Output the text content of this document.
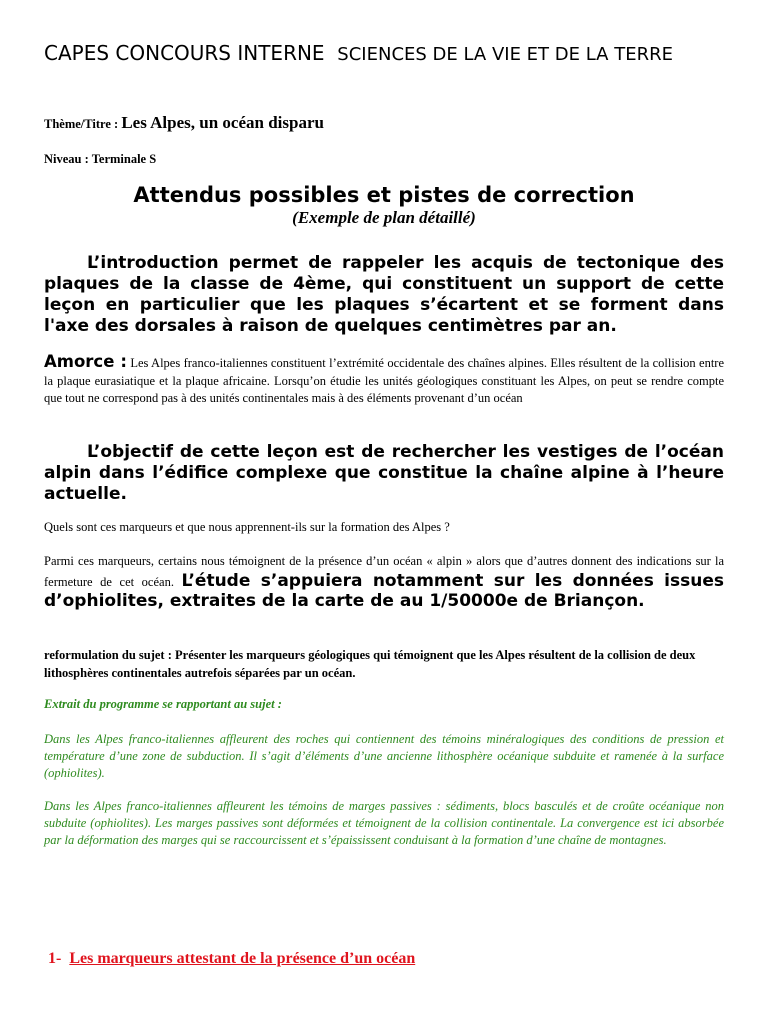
CAPES CONCOURS INTERNE SCIENCES DE LA VIE ET DE LA TERRE

Thème/Titre : Les Alpes, un océan disparu

Niveau : Terminale S

Attendus possibles et pistes de correction

(Exemple de plan détaillé)

L’introduction permet de rappeler les acquis de tectonique des plaques de la classe de 4ème, qui constituent un support de cette leçon en particulier que les plaques s’écartent et se forment dans l'axe des dorsales à raison de quelques centimètres par an.

Amorce : Les Alpes franco-italiennes constituent l’extrémité occidentale des chaînes alpines. Elles résultent de la collision entre la plaque eurasiatique et la plaque africaine. Lorsqu’on étudie les unités géologiques constituant les Alpes, on peut se rendre compte que tout ne correspond pas à des unités continentales mais à des éléments provenant d’un océan

L’objectif de cette leçon est de rechercher les vestiges de l’océan alpin dans l’édifice complexe que constitue la chaîne alpine à l’heure actuelle.

Quels sont ces marqueurs et que nous apprennent-ils sur la formation des Alpes ?

Parmi ces marqueurs, certains nous témoignent de la présence d’un océan « alpin » alors que d’autres donnent des indications sur la fermeture de cet océan. L’étude s’appuiera notamment sur les données issues d’ophiolites, extraites de la carte de au 1/50000e de Briançon.

reformulation du sujet : Présenter les marqueurs géologiques qui témoignent que les Alpes résultent de la collision de deux lithosphères continentales autrefois séparées par un océan.

Extrait du programme se rapportant au sujet :

Dans les Alpes franco-italiennes affleurent des roches qui contiennent des témoins minéralogiques des conditions de pression et température d’une zone de subduction. Il s’agit d’éléments d’une ancienne lithosphère océanique subduite et ramenée à la surface (ophiolites).

Dans les Alpes franco-italiennes affleurent les témoins de marges passives : sédiments, blocs basculés et de croûte océanique non subduite (ophiolites). Les marges passives sont déformées et témoignent de la collision continentale. La convergence est ici absorbée par la déformation des marges qui se raccourcissent et s’épaississent conduisant à la formation d’une chaîne de montagnes.

1- Les marqueurs attestant de la présence d’un océan
